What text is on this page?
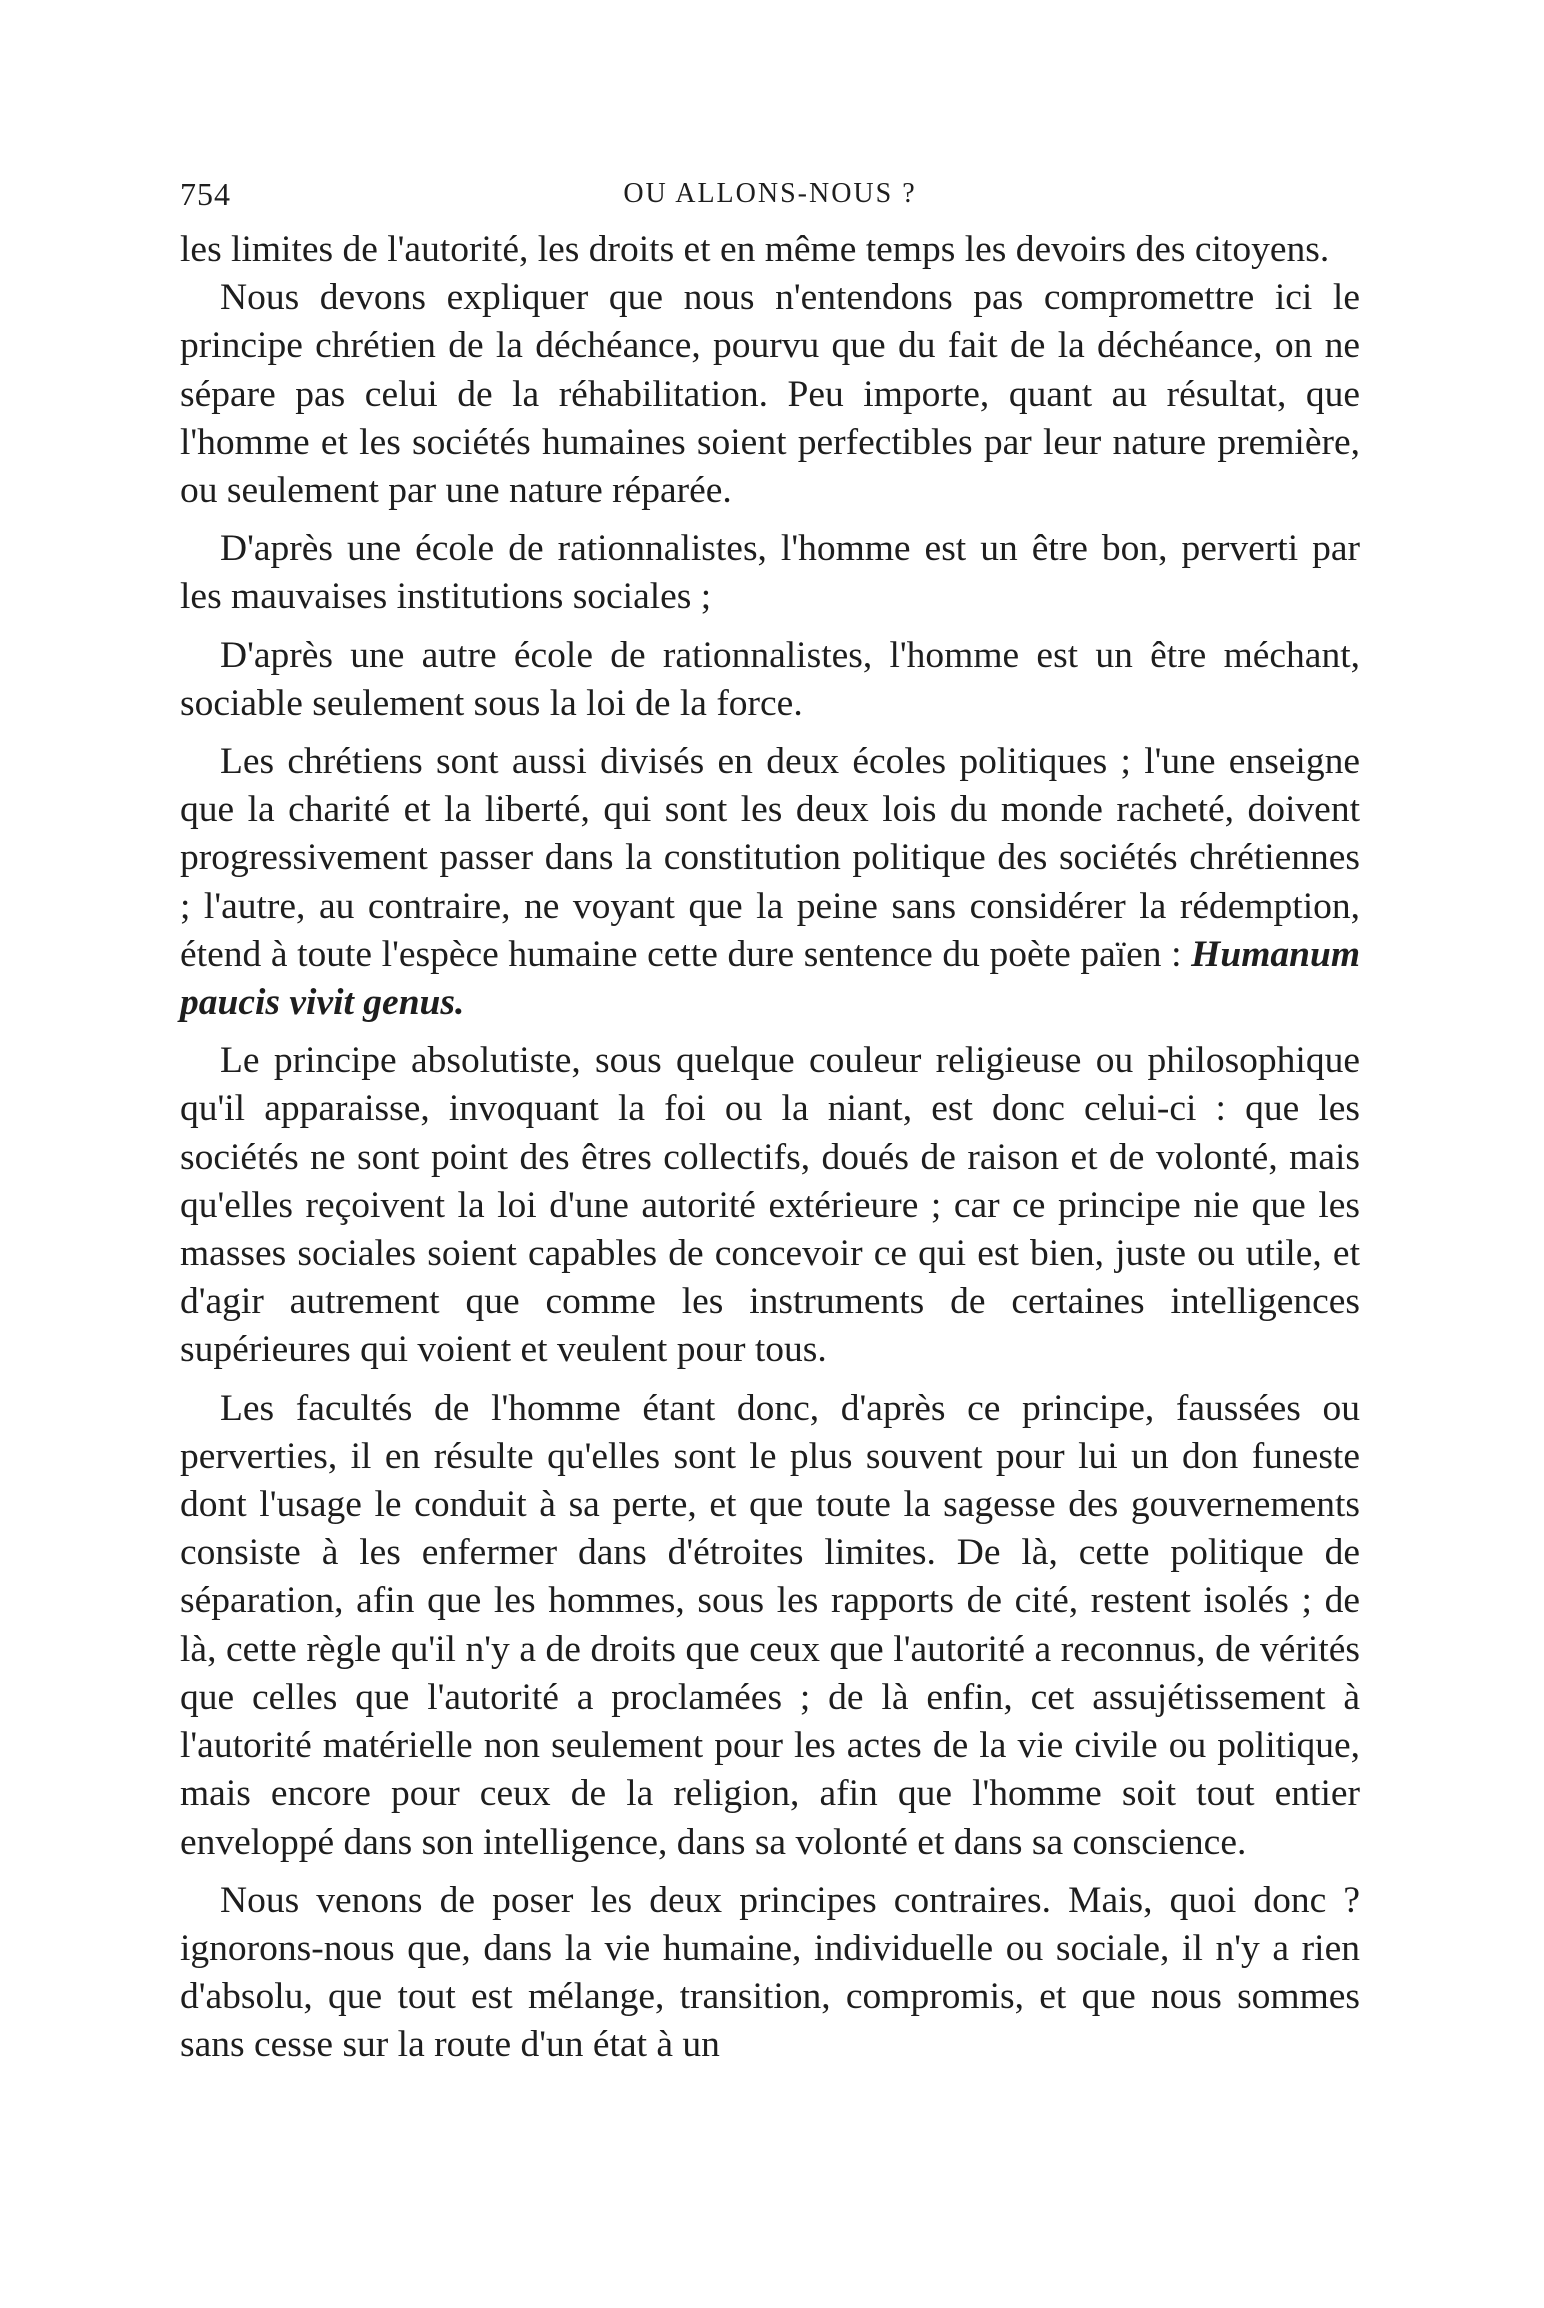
754	OU ALLONS-NOUS ?

les limites de l'autorité, les droits et en même temps les devoirs des citoyens.

Nous devons expliquer que nous n'entendons pas compromettre ici le principe chrétien de la déchéance, pourvu que du fait de la déchéance, on ne sépare pas celui de la réhabilitation. Peu importe, quant au résultat, que l'homme et les sociétés humaines soient perfectibles par leur nature première, ou seulement par une nature réparée.

D'après une école de rationnalistes, l'homme est un être bon, perverti par les mauvaises institutions sociales ;

D'après une autre école de rationnalistes, l'homme est un être méchant, sociable seulement sous la loi de la force.

Les chrétiens sont aussi divisés en deux écoles politiques ; l'une enseigne que la charité et la liberté, qui sont les deux lois du monde racheté, doivent progressivement passer dans la constitution politique des sociétés chrétiennes ; l'autre, au contraire, ne voyant que la peine sans considérer la rédemption, étend à toute l'espèce humaine cette dure sentence du poète païen : Humanum paucis vivit genus.

Le principe absolutiste, sous quelque couleur religieuse ou philosophique qu'il apparaisse, invoquant la foi ou la niant, est donc celui-ci : que les sociétés ne sont point des êtres collectifs, doués de raison et de volonté, mais qu'elles reçoivent la loi d'une autorité extérieure ; car ce principe nie que les masses sociales soient capables de concevoir ce qui est bien, juste ou utile, et d'agir autrement que comme les instruments de certaines intelligences supérieures qui voient et veulent pour tous.

Les facultés de l'homme étant donc, d'après ce principe, faussées ou perverties, il en résulte qu'elles sont le plus souvent pour lui un don funeste dont l'usage le conduit à sa perte, et que toute la sagesse des gouvernements consiste à les enfermer dans d'étroites limites. De là, cette politique de séparation, afin que les hommes, sous les rapports de cité, restent isolés ; de là, cette règle qu'il n'y a de droits que ceux que l'autorité a reconnus, de vérités que celles que l'autorité a proclamées ; de là enfin, cet assujétissement à l'autorité matérielle non seulement pour les actes de la vie civile ou politique, mais encore pour ceux de la religion, afin que l'homme soit tout entier enveloppé dans son intelligence, dans sa volonté et dans sa conscience.

Nous venons de poser les deux principes contraires. Mais, quoi donc ? ignorons-nous que, dans la vie humaine, individuelle ou sociale, il n'y a rien d'absolu, que tout est mélange, transition, compromis, et que nous sommes sans cesse sur la route d'un état à un
